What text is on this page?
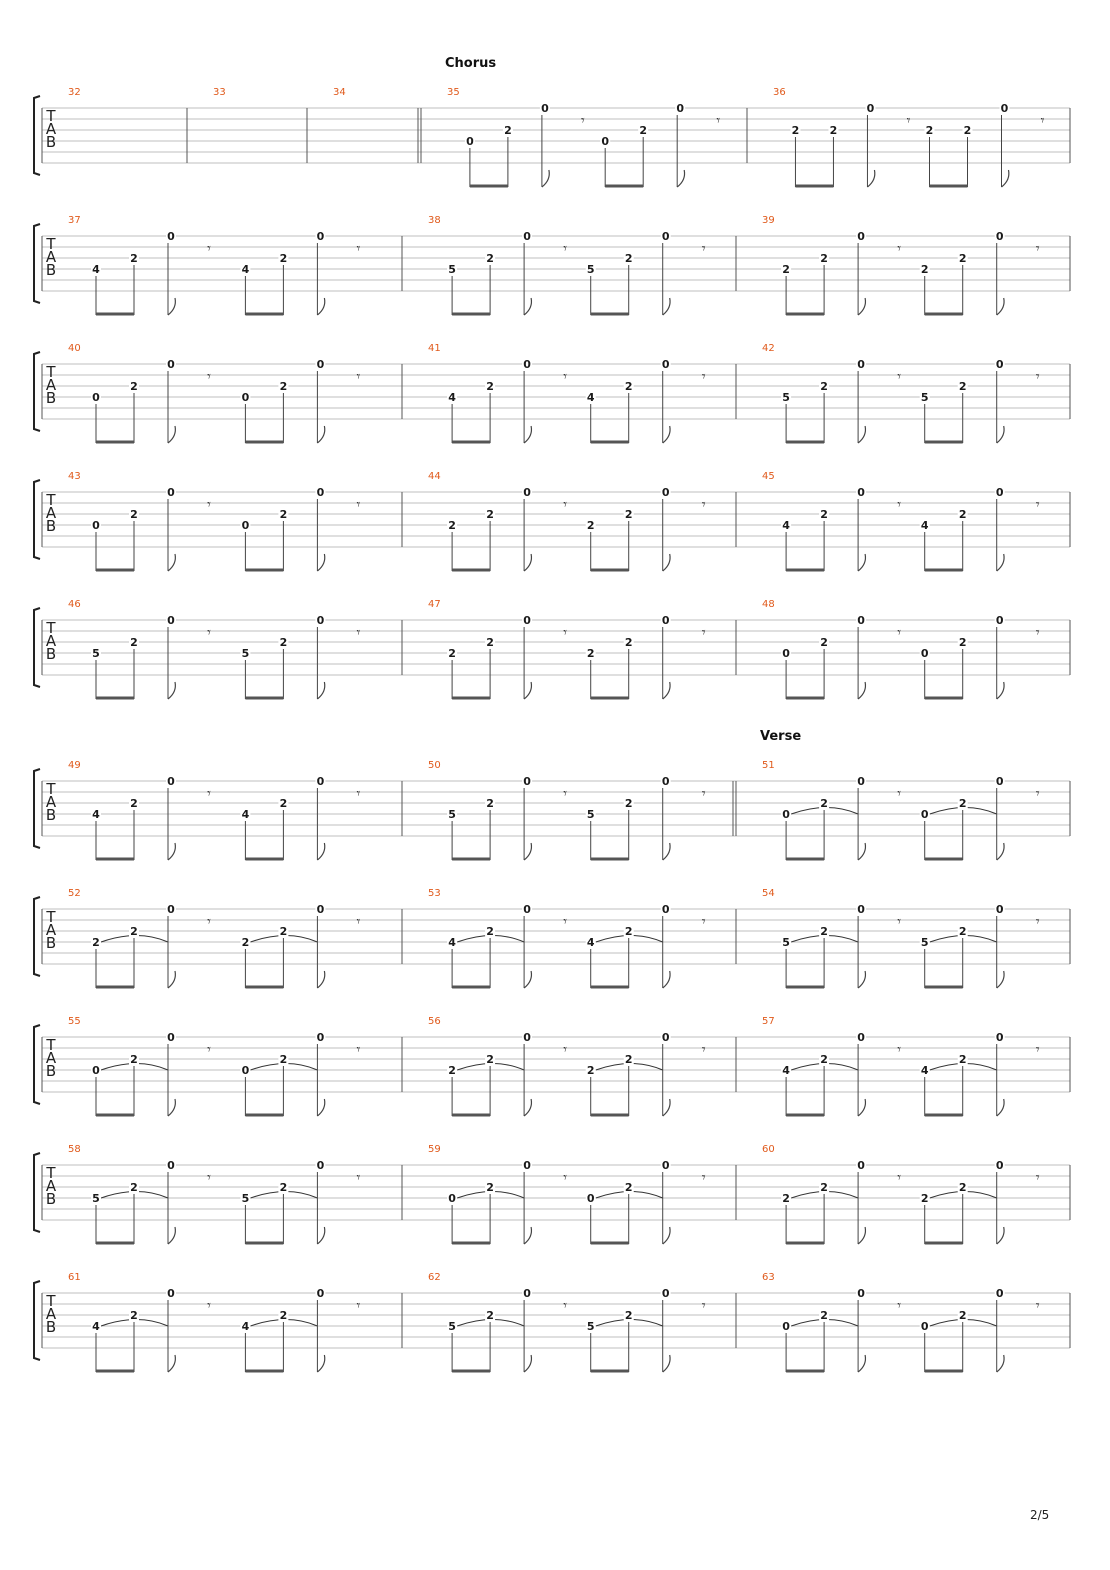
T
A
B
32	33	34	35
Chorus
0
2
0
𝄾
0
2
0
𝄾
36
2	2
0
𝄾
2	2
0
𝄾
T
A
B
37
4
2
0
𝄾
4
2
0
𝄾
38
5
2
0
𝄾
5
2
0
𝄾
39
2
2
0
𝄾
2
2
0
𝄾
T
A
B
40
0
2
0
𝄾
0
2
0
𝄾
41
4
2
0
𝄾
4
2
0
𝄾
42
5
2
0
𝄾
5
2
0
𝄾
T
A
B
43
0
2
0
𝄾
0
2
0
𝄾
44
2
2
0
𝄾
2
2
0
𝄾
45
4
2
0
𝄾
4
2
0
𝄾
T
A
B
46
5
2
0
𝄾
5
2
0
𝄾
47
2
2
0
𝄾
2
2
0
𝄾
48
0
2
0
𝄾
0
2
0
𝄾
T
A
B
49
4
2
0
𝄾
4
2
0
𝄾
50
5
2
0
𝄾
5
2
0
𝄾
51
Verse
0
2
0
𝄾
0
2
0
𝄾
T
A
B
52
2
2
0
𝄾
2
2
0
𝄾
53
4
2
0
𝄾
4
2
0
𝄾
54
5
2
0
𝄾
5
2
0
𝄾
T
A
B
55
0
2
0
𝄾
0
2
0
𝄾
56
2
2
0
𝄾
2
2
0
𝄾
57
4
2
0
𝄾
4
2
0
𝄾
T
A
B
58
5
2
0
𝄾
5
2
0
𝄾
59
0
2
0
𝄾
0
2
0
𝄾
60
2
2
0
𝄾
2
2
0
𝄾
T
A
B
61
4
2
0
𝄾
4
2
0
𝄾
62
5
2
0
𝄾
5
2
0
𝄾
63
0
2
0
𝄾
0
2
0
𝄾
2/5
